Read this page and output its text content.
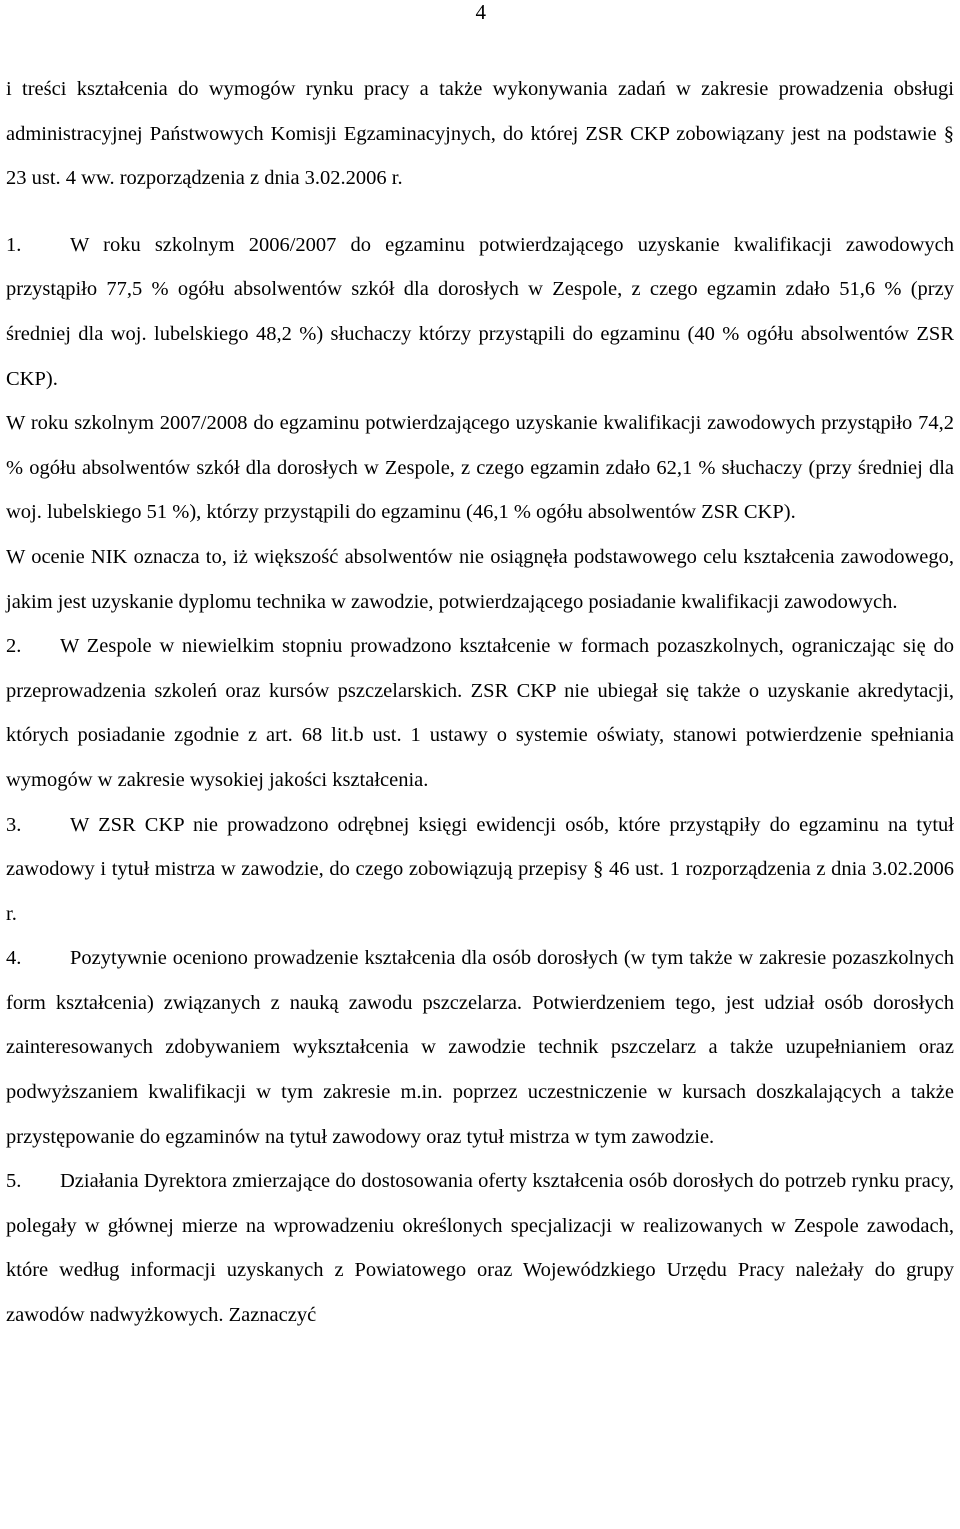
4

i treści kształcenia do wymogów rynku pracy a także wykonywania zadań w zakresie prowadzenia obsługi administracyjnej Państwowych Komisji Egzaminacyjnych, do której ZSR CKP zobowiązany jest na podstawie § 23 ust. 4 ww. rozporządzenia z dnia 3.02.2006 r.

1. W roku szkolnym 2006/2007 do egzaminu potwierdzającego uzyskanie kwalifikacji zawodowych przystąpiło 77,5 % ogółu absolwentów szkół dla dorosłych w Zespole, z czego egzamin zdało 51,6 % (przy średniej dla woj. lubelskiego 48,2 %) słuchaczy którzy przystąpili do egzaminu (40 % ogółu absolwentów ZSR CKP).

W roku szkolnym 2007/2008 do egzaminu potwierdzającego uzyskanie kwalifikacji zawodowych przystąpiło 74,2 % ogółu absolwentów szkół dla dorosłych w Zespole, z czego egzamin zdało 62,1 % słuchaczy (przy średniej dla woj. lubelskiego 51 %), którzy przystąpili do egzaminu (46,1 % ogółu absolwentów ZSR CKP).

W ocenie NIK oznacza to, iż większość absolwentów nie osiągnęła podstawowego celu kształcenia zawodowego, jakim jest uzyskanie dyplomu technika w zawodzie, potwierdzającego posiadanie kwalifikacji zawodowych.

2. W Zespole w niewielkim stopniu prowadzono kształcenie w formach pozaszkolnych, ograniczając się do przeprowadzenia szkoleń oraz kursów pszczelarskich. ZSR CKP nie ubiegał się także o uzyskanie akredytacji, których posiadanie zgodnie z art. 68 lit.b ust. 1 ustawy o systemie oświaty, stanowi potwierdzenie spełniania wymogów w zakresie wysokiej jakości kształcenia.

3. W ZSR CKP nie prowadzono odrębnej księgi ewidencji osób, które przystąpiły do egzaminu na tytuł zawodowy i tytuł mistrza w zawodzie, do czego zobowiązują przepisy § 46 ust. 1 rozporządzenia z dnia 3.02.2006 r.

4. Pozytywnie oceniono prowadzenie kształcenia dla osób dorosłych (w tym także w zakresie pozaszkolnych form kształcenia) związanych z nauką zawodu pszczelarza. Potwierdzeniem tego, jest udział osób dorosłych zainteresowanych zdobywaniem wykształcenia w zawodzie technik pszczelarz a także uzupełnianiem oraz podwyższaniem kwalifikacji w tym zakresie m.in. poprzez uczestniczenie w kursach doszkalających a także przystępowanie do egzaminów na tytuł zawodowy oraz tytuł mistrza w tym zawodzie.

5. Działania Dyrektora zmierzające do dostosowania oferty kształcenia osób dorosłych do potrzeb rynku pracy, polegały w głównej mierze na wprowadzeniu określonych specjalizacji w realizowanych w Zespole zawodach, które według informacji uzyskanych z Powiatowego oraz Wojewódzkiego Urzędu Pracy należały do grupy zawodów nadwyżkowych. Zaznaczyć
